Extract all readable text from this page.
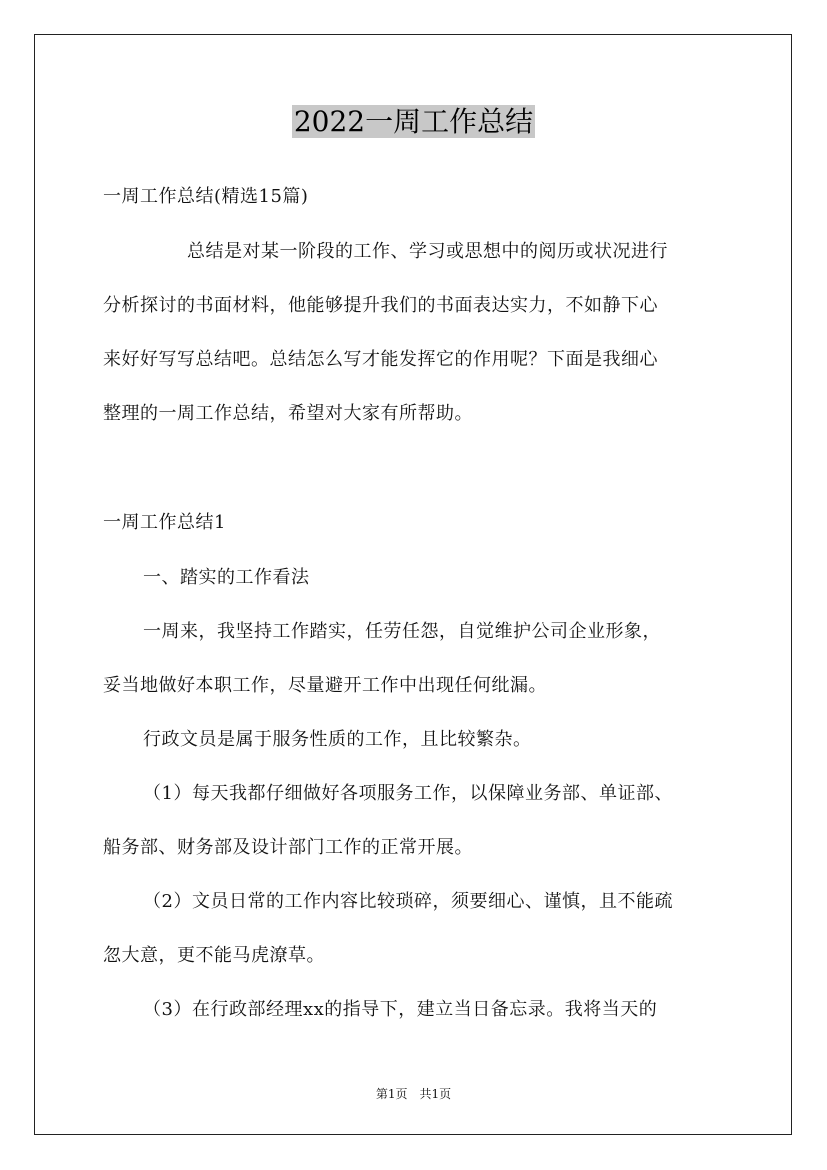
2022一周工作总结

一周工作总结(精选15篇)

总结是对某一阶段的工作、学习或思想中的阅历或状况进行

分析探讨的书面材料，他能够提升我们的书面表达实力，不如静下心

来好好写写总结吧。总结怎么写才能发挥它的作用呢？下面是我细心

整理的一周工作总结，希望对大家有所帮助。

一周工作总结1

一、踏实的工作看法

一周来，我坚持工作踏实，任劳任怨，自觉维护公司企业形象，

妥当地做好本职工作，尽量避开工作中出现任何纰漏。

行政文员是属于服务性质的工作，且比较繁杂。

（1）每天我都仔细做好各项服务工作，以保障业务部、单证部、

船务部、财务部及设计部门工作的正常开展。

（2）文员日常的工作内容比较琐碎，须要细心、谨慎，且不能疏

忽大意，更不能马虎潦草。

（3）在行政部经理xx的指导下，建立当日备忘录。我将当天的

第1页　共1页
